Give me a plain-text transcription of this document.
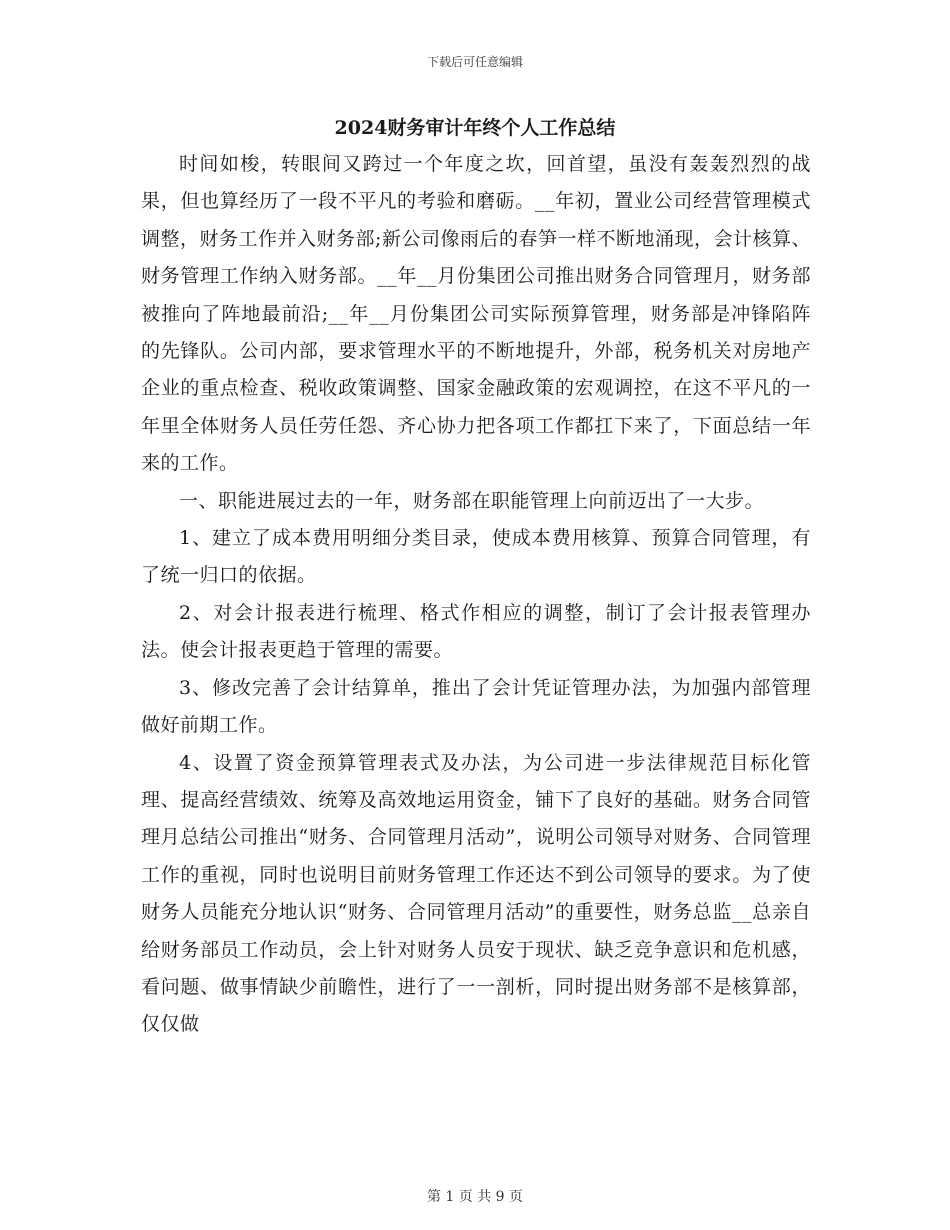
下载后可任意编辑
2024财务审计年终个人工作总结

时间如梭，转眼间又跨过一个年度之坎，回首望，虽没有轰轰烈烈的战果，但也算经历了一段不平凡的考验和磨砺。__年初，置业公司经营管理模式调整，财务工作并入财务部;新公司像雨后的春笋一样不断地涌现，会计核算、财务管理工作纳入财务部。__年__月份集团公司推出财务合同管理月，财务部被推向了阵地最前沿;__年__月份集团公司实际预算管理，财务部是冲锋陷阵的先锋队。公司内部，要求管理水平的不断地提升，外部，税务机关对房地产企业的重点检查、税收政策调整、国家金融政策的宏观调控，在这不平凡的一年里全体财务人员任劳任怨、齐心协力把各项工作都扛下来了，下面总结一年来的工作。

一、职能进展过去的一年，财务部在职能管理上向前迈出了一大步。

1、建立了成本费用明细分类目录，使成本费用核算、预算合同管理，有了统一归口的依据。

2、对会计报表进行梳理、格式作相应的调整，制订了会计报表管理办法。使会计报表更趋于管理的需要。

3、修改完善了会计结算单，推出了会计凭证管理办法，为加强内部管理做好前期工作。

4、设置了资金预算管理表式及办法，为公司进一步法律规范目标化管理、提高经营绩效、统筹及高效地运用资金，铺下了良好的基础。财务合同管理月总结公司推出“财务、合同管理月活动”，说明公司领导对财务、合同管理工作的重视，同时也说明目前财务管理工作还达不到公司领导的要求。为了使财务人员能充分地认识“财务、合同管理月活动”的重要性，财务总监__总亲自给财务部员工作动员，会上针对财务人员安于现状、缺乏竞争意识和危机感，看问题、做事情缺少前瞻性，进行了一一剖析，同时提出财务部不是核算部，仅仅做

第 1 页 共 9 页
